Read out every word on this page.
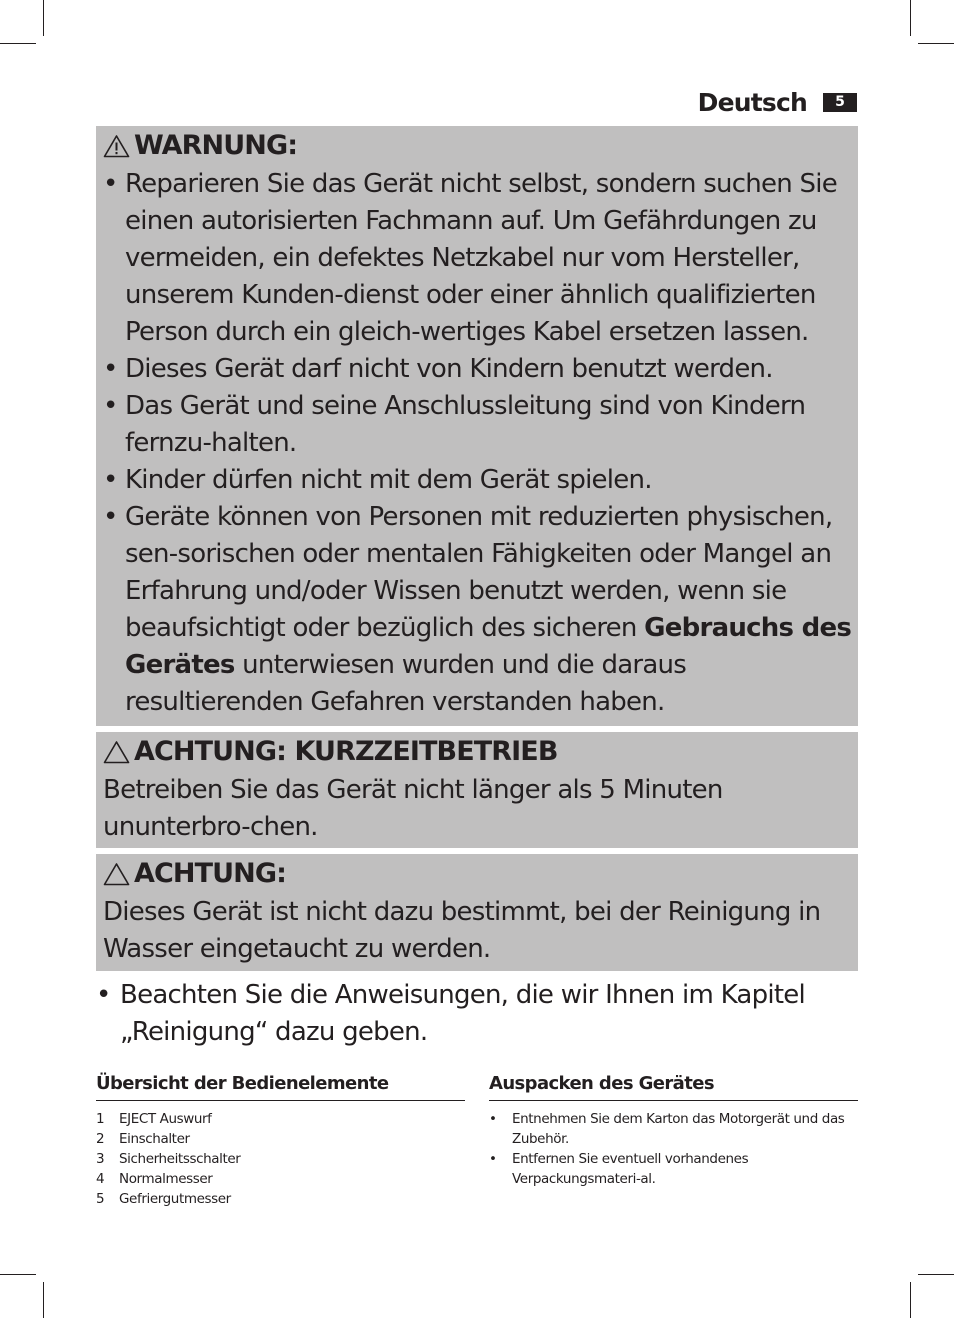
Deutsch	5
WARNUNG:
• Reparieren Sie das Gerät nicht selbst, sondern suchen Sie einen autorisierten Fachmann auf. Um Gefährdungen zu vermeiden, ein defektes Netzkabel nur vom Hersteller, unserem Kunden-dienst oder einer ähnlich qualifizierten Person durch ein gleich-wertiges Kabel ersetzen lassen.
• Dieses Gerät darf nicht von Kindern benutzt werden.
• Das Gerät und seine Anschlussleitung sind von Kindern fernzu-halten.
• Kinder dürfen nicht mit dem Gerät spielen.
• Geräte können von Personen mit reduzierten physischen, sen-sorischen oder mentalen Fähigkeiten oder Mangel an Erfahrung und/oder Wissen benutzt werden, wenn sie beaufsichtigt oder bezüglich des sicheren Gebrauchs des Gerätes unterwiesen wurden und die daraus resultierenden Gefahren verstanden haben.
ACHTUNG: KURZZEITBETRIEB
Betreiben Sie das Gerät nicht länger als 5 Minuten ununterbro-chen.
ACHTUNG:
Dieses Gerät ist nicht dazu bestimmt, bei der Reinigung in Wasser eingetaucht zu werden.
• Beachten Sie die Anweisungen, die wir Ihnen im Kapitel „Reinigung“ dazu geben.
Übersicht der Bedienelemente
1	EJECT Auswurf
2	Einschalter
3	Sicherheitsschalter
4	Normalmesser
5	Gefriergutmesser
Auspacken des Gerätes
• Entnehmen Sie dem Karton das Motorgerät und das Zubehör.
• Entfernen Sie eventuell vorhandenes Verpackungsmateri-al.
